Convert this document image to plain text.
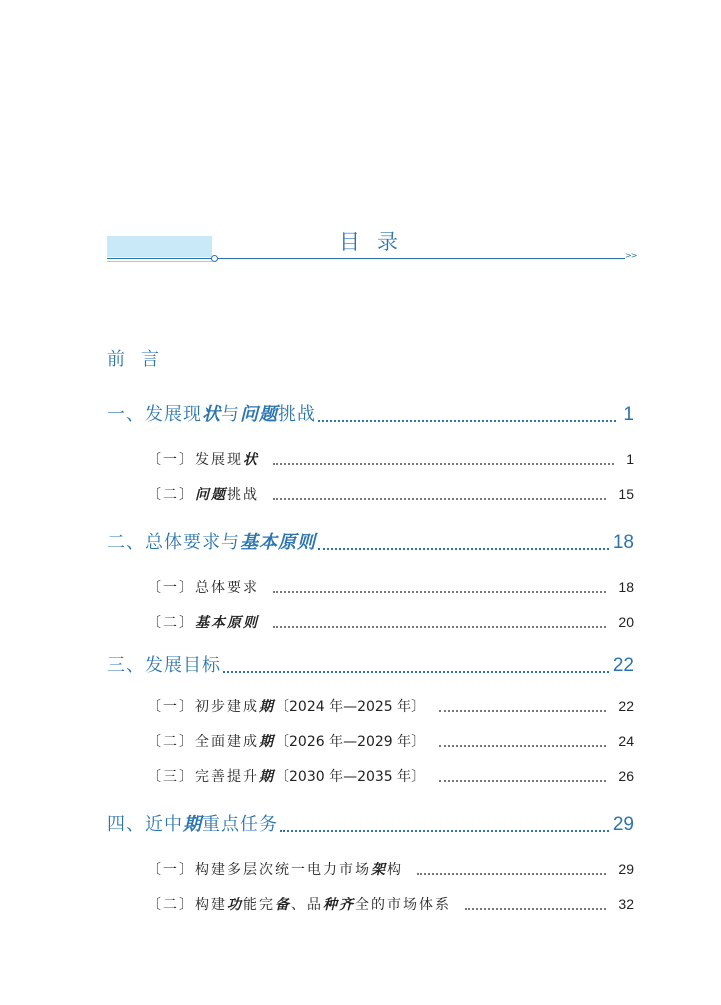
目录
>>
前言
一、发展现状与问题挑战	1
〔一〕发展现状	1
〔二〕问题挑战	15
二、总体要求与基本原则	18
〔一〕总体要求	18
〔二〕基本原则	20
三、发展目标	22
〔一〕初步建成期〔2024 年—2025 年〕	22
〔二〕全面建成期〔2026 年—2029 年〕	24
〔三〕完善提升期〔2030 年—2035 年〕	26
四、近中期重点任务	29
〔一〕构建多层次统一电力市场架构	29
〔二〕构建功能完备、品种齐全的市场体系	32
